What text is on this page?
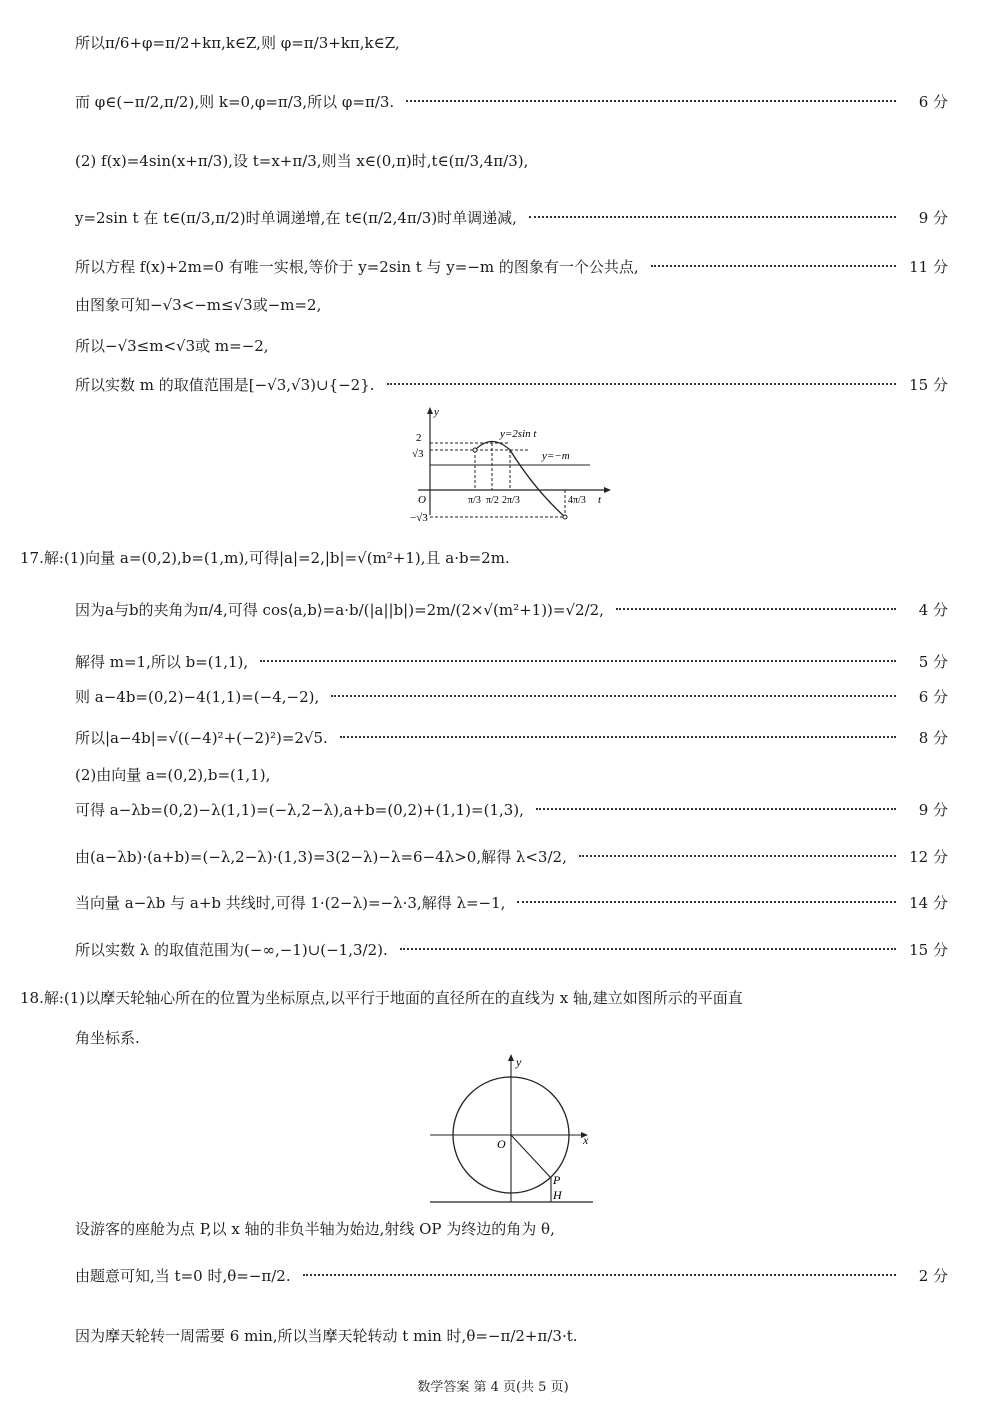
所以π/6+φ=π/2+kπ,k∈Z,则 φ=π/3+kπ,k∈Z,
而 φ∈(−π/2,π/2),则 k=0,φ=π/3,所以 φ=π/3.	6 分
(2) f(x)=4sin(x+π/3),设 t=x+π/3,则当 x∈(0,π)时,t∈(π/3,4π/3),
y=2sin t 在 t∈(π/3,π/2)时单调递增,在 t∈(π/2,4π/3)时单调递减,	9 分
所以方程 f(x)+2m=0 有唯一实根,等价于 y=2sin t 与 y=−m 的图象有一个公共点,	11 分
由图象可知−√3<−m≤√3或−m=2,
所以−√3≤m<√3或 m=−2,
所以实数 m 的取值范围是[−√3,√3)∪{−2}.	15 分
y
t
O
2
√3
−√3
y=2sin t
y=−m
π/3 π/2 2π/3	4π/3
17.解:(1)向量 a=(0,2),b=(1,m),可得|a|=2,|b|=√(m²+1),且 a·b=2m.
因为a与b的夹角为π/4,可得 cos⟨a,b⟩=a·b/(|a||b|)=2m/(2×√(m²+1))=√2/2,	4 分
解得 m=1,所以 b=(1,1),	5 分
则 a−4b=(0,2)−4(1,1)=(−4,−2),	6 分
所以|a−4b|=√((−4)²+(−2)²)=2√5.	8 分
(2)由向量 a=(0,2),b=(1,1),
可得 a−λb=(0,2)−λ(1,1)=(−λ,2−λ),a+b=(0,2)+(1,1)=(1,3),	9 分
由(a−λb)·(a+b)=(−λ,2−λ)·(1,3)=3(2−λ)−λ=6−4λ>0,解得 λ<3/2,	12 分
当向量 a−λb 与 a+b 共线时,可得 1·(2−λ)=−λ·3,解得 λ=−1,	14 分
所以实数 λ 的取值范围为(−∞,−1)∪(−1,3/2).	15 分
18.解:(1)以摩天轮轴心所在的位置为坐标原点,以平行于地面的直径所在的直线为 x 轴,建立如图所示的平面直
角坐标系.
y
x
O
P
H
设游客的座舱为点 P,以 x 轴的非负半轴为始边,射线 OP 为终边的角为 θ,
由题意可知,当 t=0 时,θ=−π/2.	2 分
因为摩天轮转一周需要 6 min,所以当摩天轮转动 t min 时,θ=−π/2+π/3·t.
数学答案 第 4 页(共 5 页)
